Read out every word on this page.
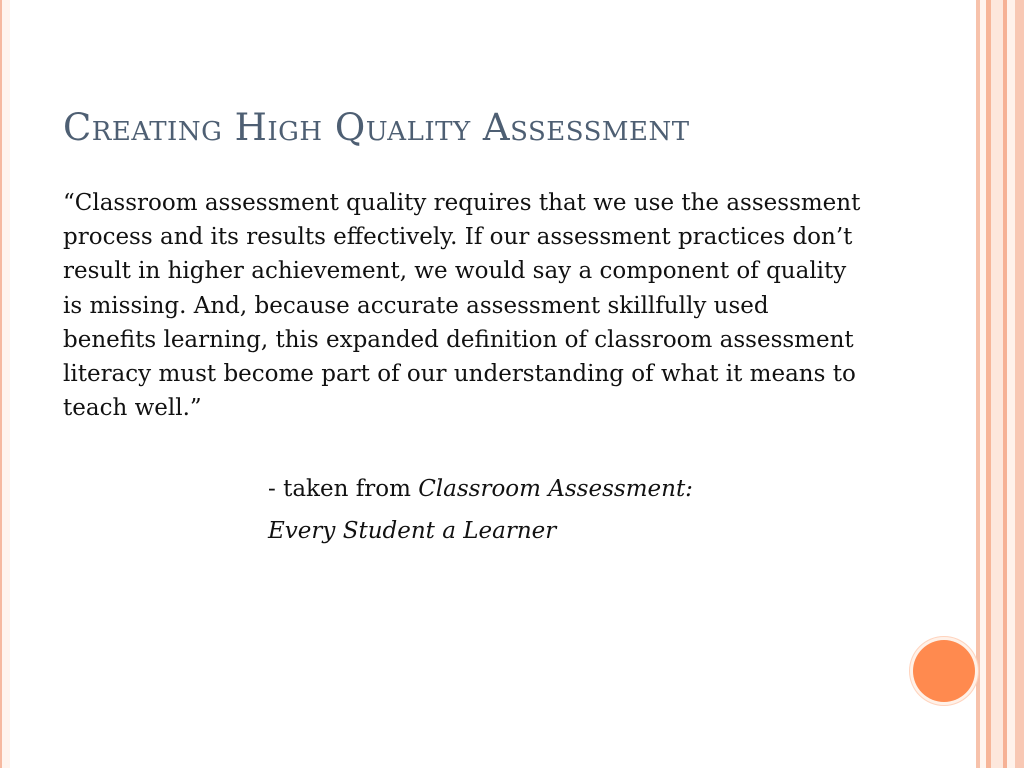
Creating High Quality Assessment
“Classroom assessment quality requires that we use the assessment process and its results effectively. If our assessment practices don’t result in higher achievement, we would say a component of quality is missing. And, because accurate assessment skillfully used benefits learning, this expanded definition of classroom assessment literacy must become part of our understanding of what it means to teach well.”
- taken from Classroom Assessment:
Every Student a Learner
